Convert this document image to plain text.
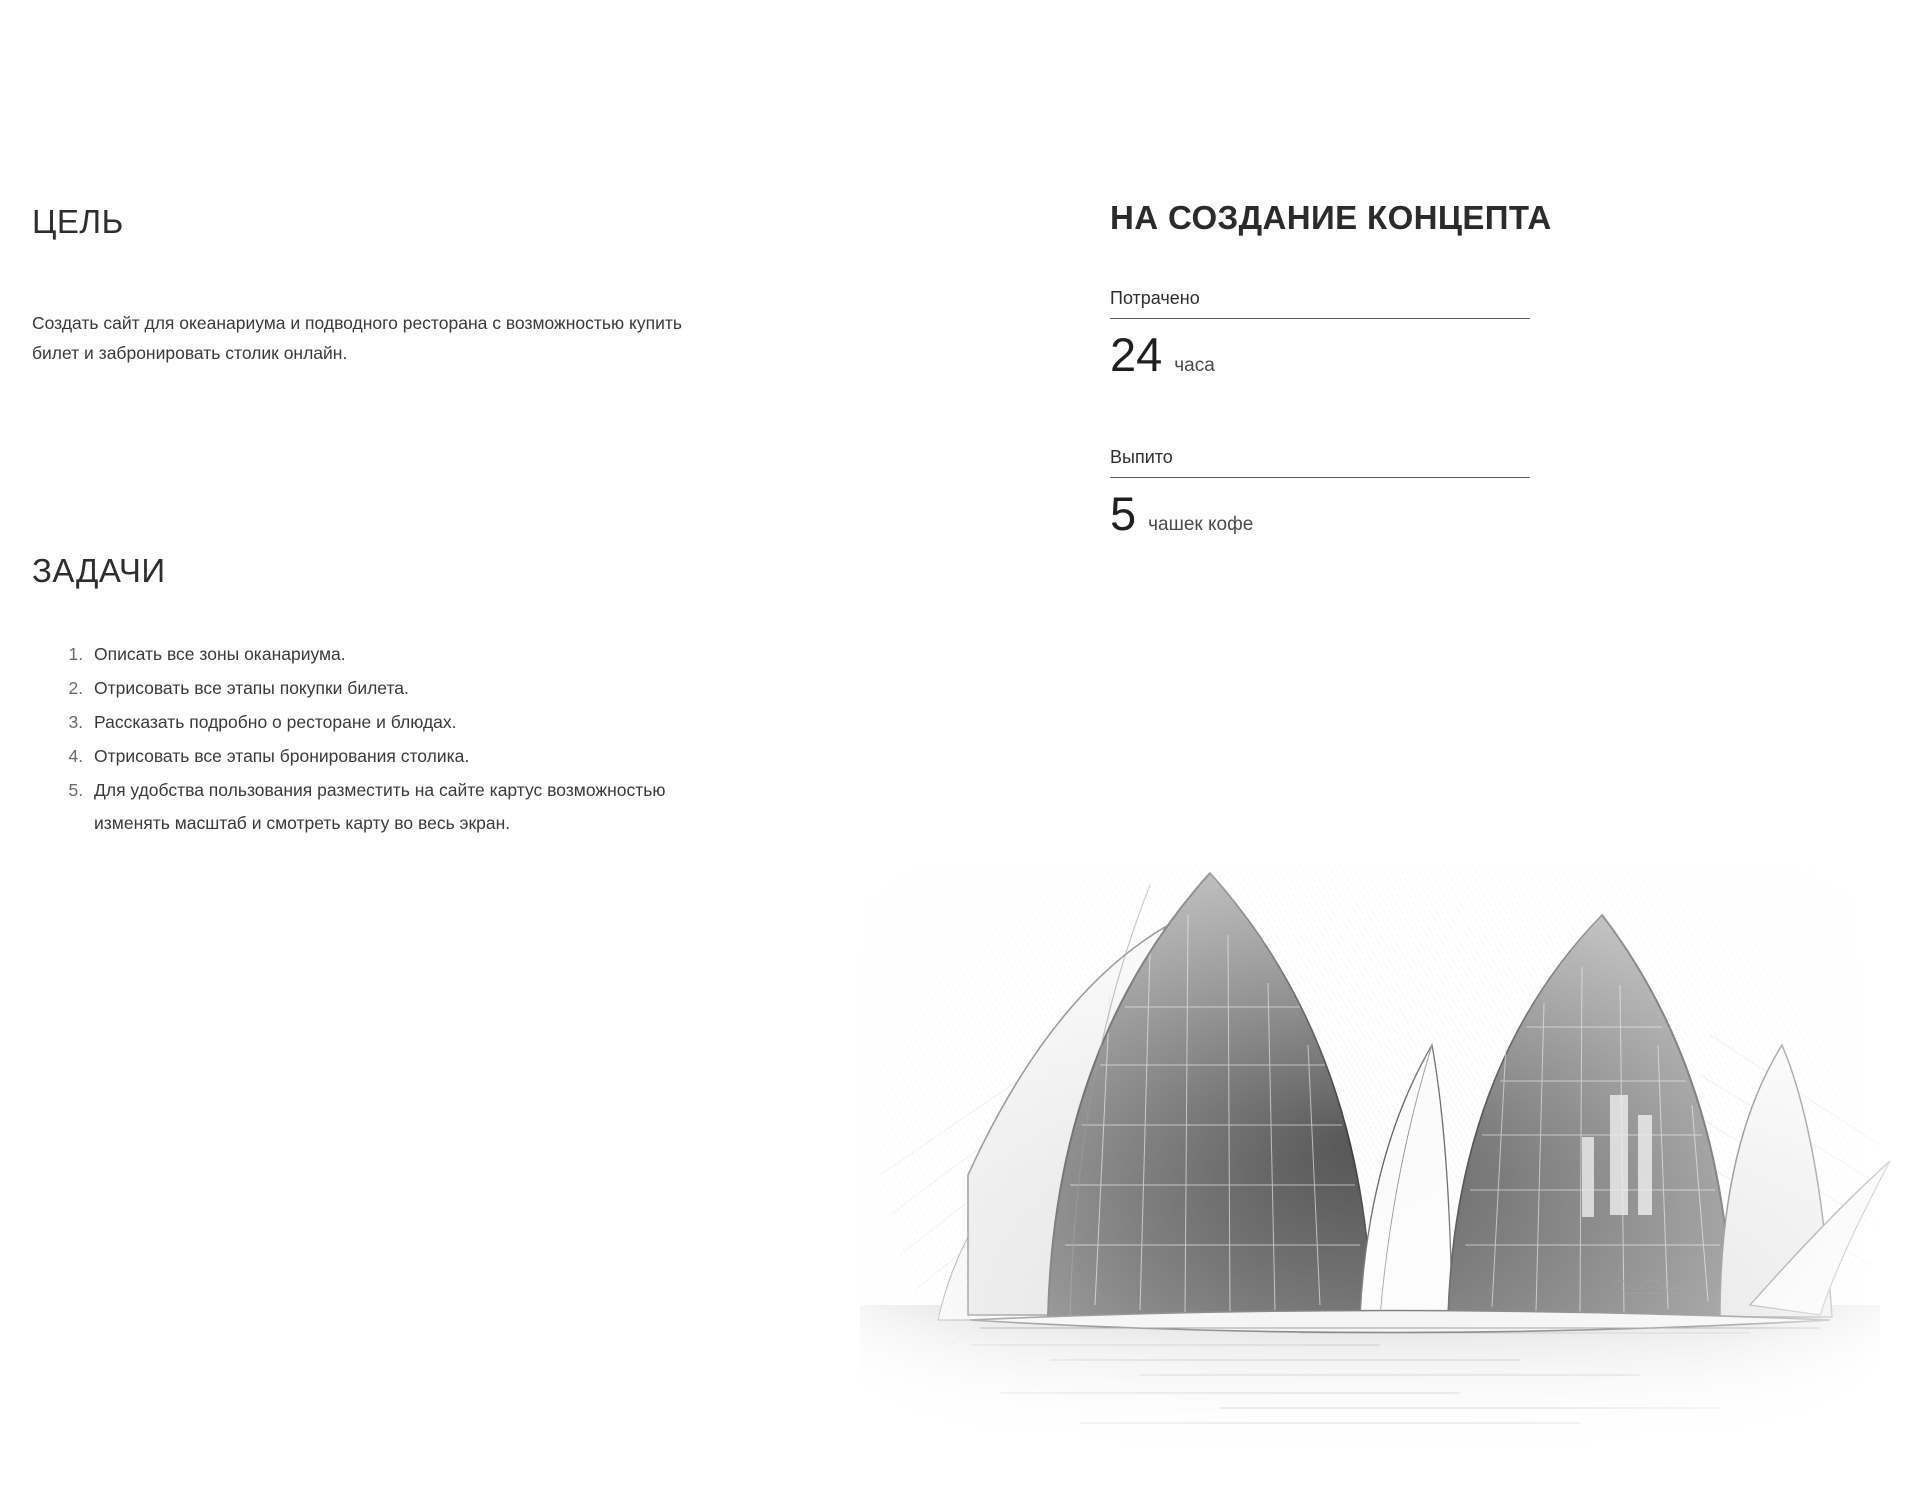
ЦЕЛЬ

Создать сайт для океанариума и подводного ресторана с возможностью купить билет и забронировать столик онлайн.

ЗАДАЧИ
1. Описать все зоны оканариума.
2. Отрисовать все этапы покупки билета.
3. Рассказать подробно о ресторане и блюдах.
4. Отрисовать все этапы бронирования столика.
5. Для удобства пользования разместить на сайте картус возможностью изменять масштаб и смотреть карту во весь экран.
НА СОЗДАНИЕ КОНЦЕПТА
Потрачено
24 часа
Выпито
5 чашек кофе
